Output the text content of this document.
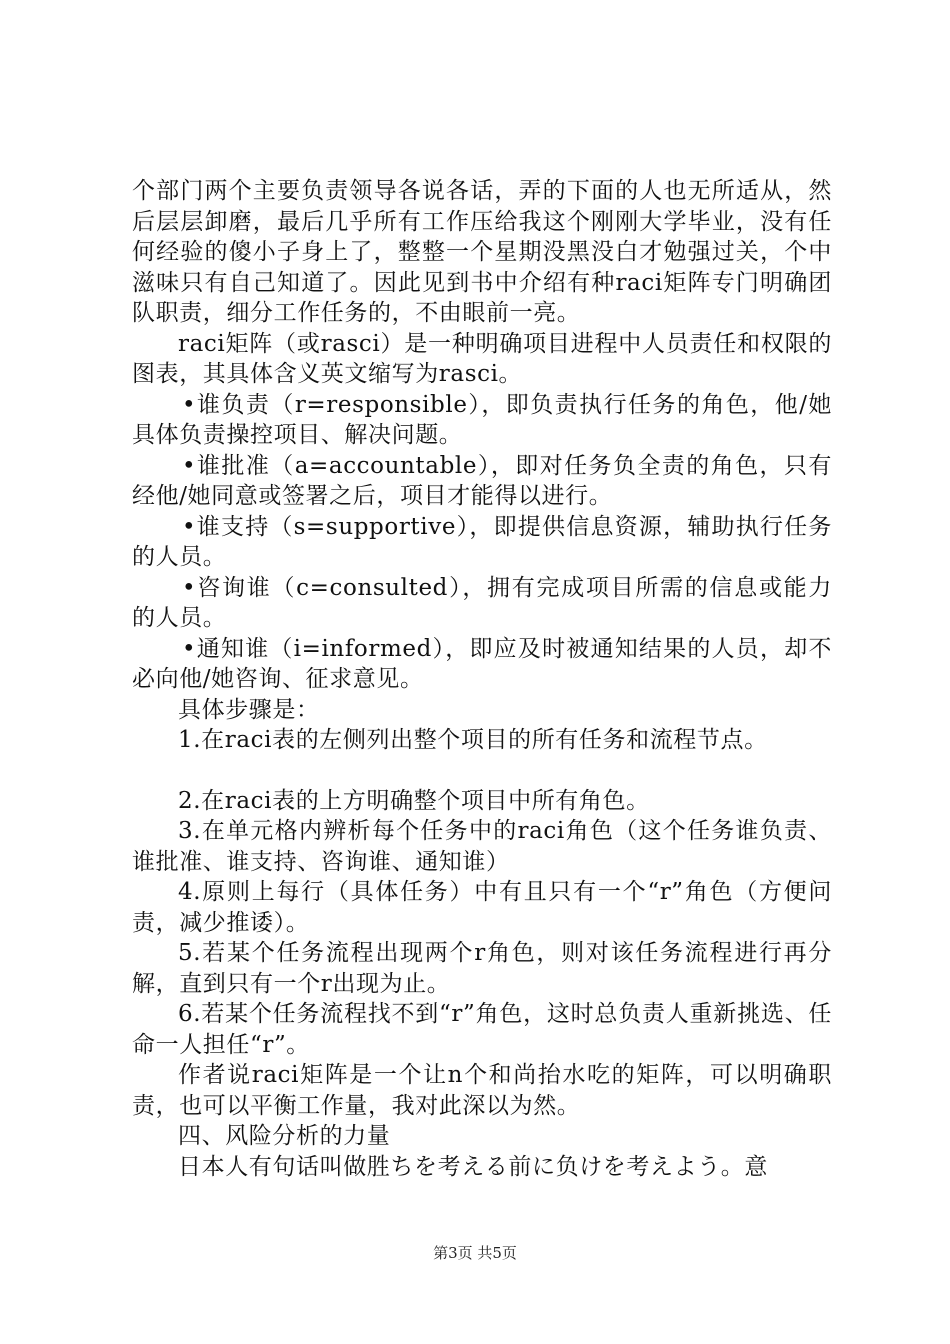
个部门两个主要负责领导各说各话，弄的下面的人也无所适从，然后层层卸磨，最后几乎所有工作压给我这个刚刚大学毕业，没有任何经验的傻小子身上了，整整一个星期没黑没白才勉强过关，个中滋味只有自己知道了。因此见到书中介绍有种raci矩阵专门明确团队职责，细分工作任务的，不由眼前一亮。

raci矩阵（或rasci）是一种明确项目进程中人员责任和权限的图表，其具体含义英文缩写为rasci。

•谁负责（r=responsible），即负责执行任务的角色，他/她具体负责操控项目、解决问题。

•谁批准（a=accountable），即对任务负全责的角色，只有经他/她同意或签署之后，项目才能得以进行。

•谁支持（s=supportive），即提供信息资源，辅助执行任务的人员。

•咨询谁（c=consulted），拥有完成项目所需的信息或能力的人员。

•通知谁（i=informed），即应及时被通知结果的人员，却不必向他/她咨询、征求意见。

具体步骤是：

1.在raci表的左侧列出整个项目的所有任务和流程节点。

2.在raci表的上方明确整个项目中所有角色。

3.在单元格内辨析每个任务中的raci角色（这个任务谁负责、谁批准、谁支持、咨询谁、通知谁）

4.原则上每行（具体任务）中有且只有一个“r”角色（方便问责，减少推诿）。

5.若某个任务流程出现两个r角色，则对该任务流程进行再分解，直到只有一个r出现为止。

6.若某个任务流程找不到“r”角色，这时总负责人重新挑选、任命一人担任“r”。

作者说raci矩阵是一个让n个和尚抬水吃的矩阵，可以明确职责，也可以平衡工作量，我对此深以为然。

四、风险分析的力量

日本人有句话叫做胜ちを考える前に负けを考えよう。意

第3页 共5页
